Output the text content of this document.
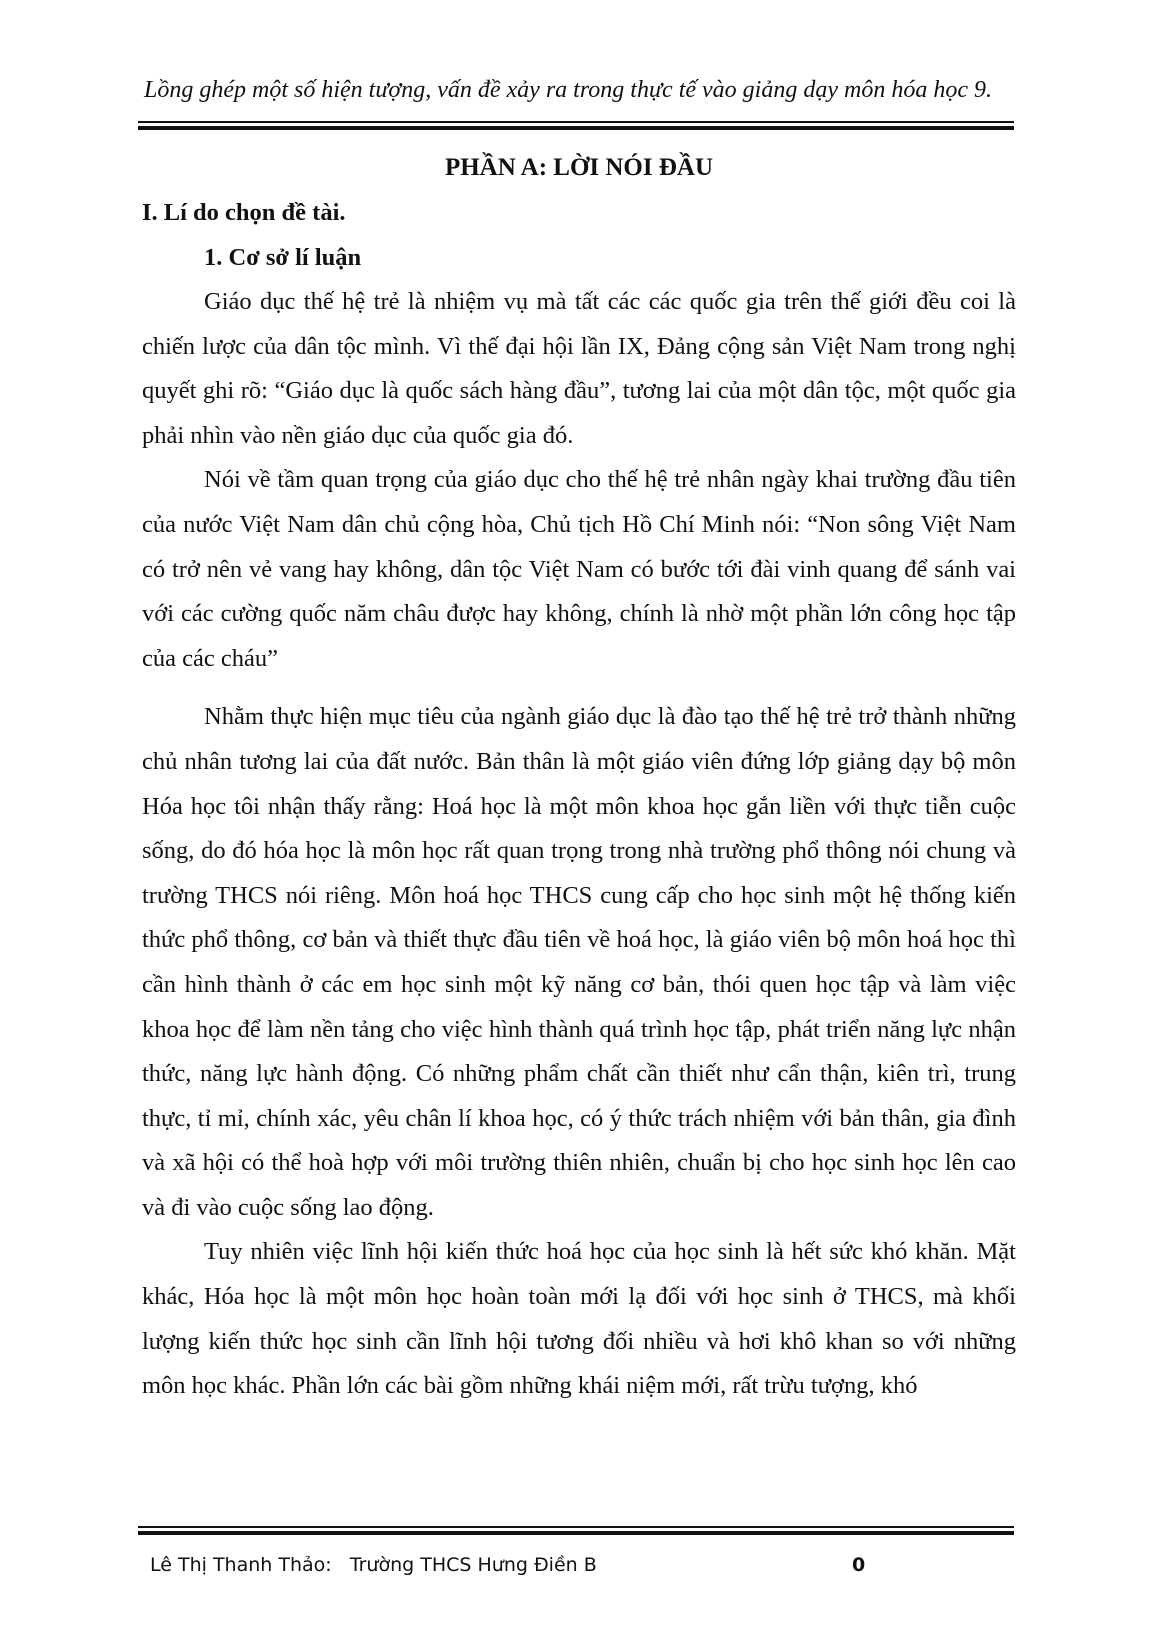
Lồng ghép một số hiện tượng, vấn đề xảy ra trong thực tế vào giảng dạy môn hóa học 9.
PHẦN A: LỜI NÓI ĐẦU
I. Lí do chọn đề tài.
1. Cơ sở lí luận

Giáo dục thế hệ trẻ là nhiệm vụ mà tất các các quốc gia trên thế giới đều coi là chiến lược của dân tộc mình. Vì thế đại hội lần IX, Đảng cộng sản Việt Nam trong nghị quyết ghi rõ: “Giáo dục là quốc sách hàng đầu”, tương lai của một dân tộc, một quốc gia phải nhìn vào nền giáo dục của quốc gia đó.

Nói về tầm quan trọng của giáo dục cho thế hệ trẻ nhân ngày khai trường đầu tiên của nước Việt Nam dân chủ cộng hòa, Chủ tịch Hồ Chí Minh nói: “Non sông Việt Nam có trở nên vẻ vang hay không, dân tộc Việt Nam có bước tới đài vinh quang để sánh vai với các cường quốc năm châu được hay không, chính là nhờ một phần lớn công học tập của các cháu”

Nhằm thực hiện mục tiêu của ngành giáo dục là đào tạo thế hệ trẻ trở thành những chủ nhân tương lai của đất nước. Bản thân là một giáo viên đứng lớp giảng dạy bộ môn Hóa học tôi nhận thấy rằng: Hoá học là một môn khoa học gắn liền với thực tiễn cuộc sống, do đó hóa học là môn học rất quan trọng trong nhà trường phổ thông nói chung và trường THCS nói riêng. Môn hoá học THCS cung cấp cho học sinh một hệ thống kiến thức phổ thông, cơ bản và thiết thực đầu tiên về hoá học, là giáo viên bộ môn hoá học thì cần hình thành ở các em học sinh một kỹ năng cơ bản, thói quen học tập và làm việc khoa học để làm nền tảng cho việc hình thành quá trình học tập, phát triển năng lực nhận thức, năng lực hành động. Có những phẩm chất cần thiết như cẩn thận, kiên trì, trung thực, tỉ mỉ, chính xác, yêu chân lí khoa học, có ý thức trách nhiệm với bản thân, gia đình và xã hội có thể hoà hợp với môi trường thiên nhiên, chuẩn bị cho học sinh học lên cao và đi vào cuộc sống lao động.

Tuy nhiên việc lĩnh hội kiến thức hoá học của học sinh là hết sức khó khăn. Mặt khác, Hóa học là một môn học hoàn toàn mới lạ đối với học sinh ở THCS, mà khối lượng kiến thức học sinh cần lĩnh hội tương đối nhiều và hơi khô khan so với những môn học khác. Phần lớn các bài gồm những khái niệm mới, rất trừu tượng, khó

Lê Thị Thanh Thảo:   Trường THCS Hưng Điền B	0
